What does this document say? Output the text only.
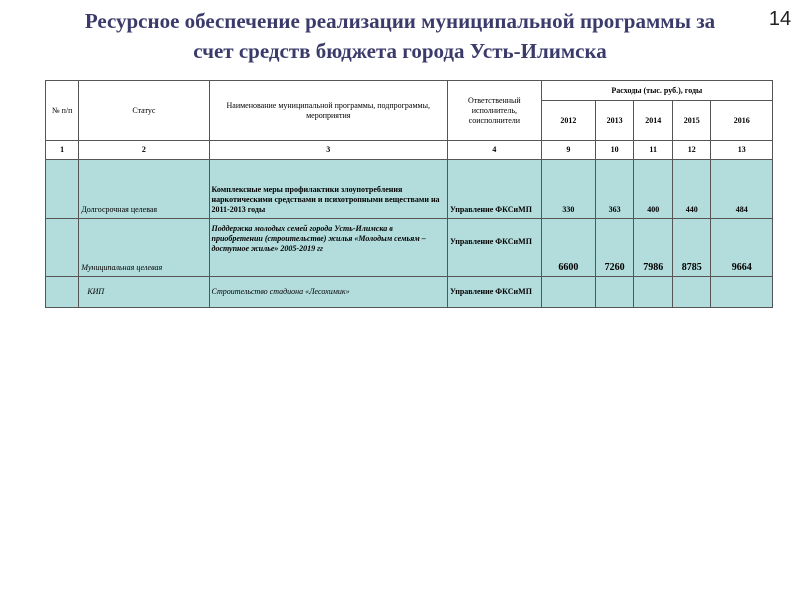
14
Ресурсное обеспечение реализации муниципальной программы за
счет средств бюджета города Усть-Илимска
№ п/п	Статус	Наименование муниципальной программы, подпрограммы, мероприятия	Ответственный исполнитель, соисполнители	Расходы (тыс. руб.), годы				
				2012	2013	2014	2015	2016
1	2	3	4	9	10	11	12	13
	Долгосрочная целевая	Комплексные меры профилактики злоупотребления наркотическими средствами и психотропными веществами на 2011-2013 годы	Управление ФКСиМП	330	363	400	440	484
	Муниципальная целевая	Поддержка молодых семей города Усть-Илимска в приобретении (строительстве) жилья «Молодым семьям – доступное жилье» 2005-2019 гг	Управление ФКСиМП	6600	7260	7986	8785	9664
	КИП	Строительство стадиона «Лесохимик»	Управление ФКСиМП					
